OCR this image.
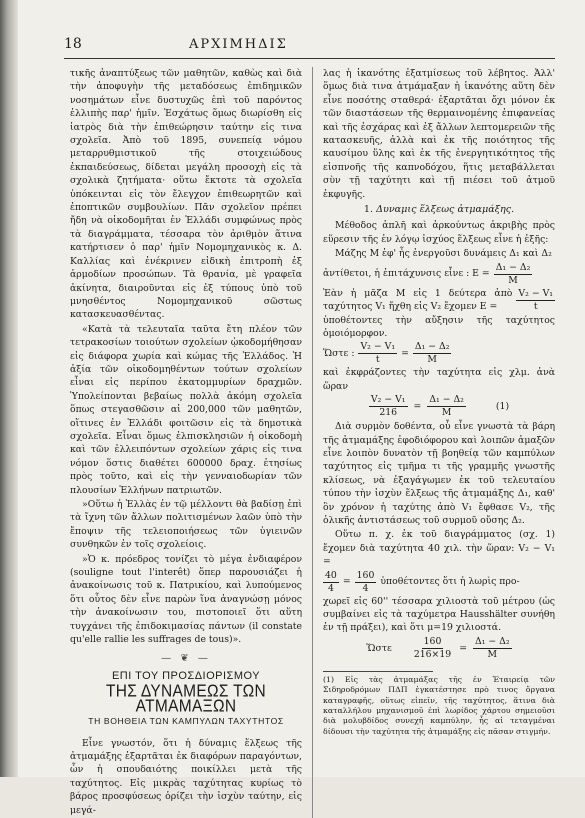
18	ΑΡΧΙΜΗΔΙΣ

τικῆς ἀναπτύξεως τῶν μαθητῶν, καθὼς καὶ διὰ τὴν ἀποφυγὴν τῆς μεταδόσεως ἐπιδημικῶν νοσημάτων εἶνε δυστυχῶς ἐπὶ τοῦ παρόντος ἐλλιπὴς παρ' ἡμῖν. Ἐσχάτως ὅμως διωρίσθη εἰς ἰατρὸς διὰ τὴν ἐπιθεώρησιν ταύτην εἰς τινα σχολεῖα. Ἀπὸ τοῦ 1895, συνεπείᾳ νόμου μεταρρυθμιστικοῦ τῆς στοιχειώδους ἐκπαιδεύσεως, δίδεται μεγάλη προσοχὴ εἰς τὰ σχολικὰ ζητήματα· οὕτω ἔκτοτε τὰ σχολεῖα ὑπόκεινται εἰς τὸν ἔλεγχον ἐπιθεωρητῶν καὶ ἐποπτικῶν συμβουλίων. Πᾶν σχολεῖον πρέπει ἤδη νὰ οἰκοδομῆται ἐν Ἑλλάδι συμφώνως πρὸς τὰ διαγράμματα, τέσσαρα τὸν ἀριθμὸν ἅτινα κατήρτισεν ὁ παρ' ἡμῖν Νομομηχανικὸς κ. Δ. Καλλίας καὶ ἐνέκρινεν εἰδικὴ ἐπιτροπὴ ἐξ ἁρμοδίων προσώπων. Τὰ θρανία, μὲ γραφεῖα ἀκίνητα, διαιροῦνται εἰς ἐξ τύπους ὑπὸ τοῦ μνησθέντος Νομομηχανικοῦ σῶστως κατασκευασθέντας.

«Κατὰ τὰ τελευταῖα ταῦτα ἔτη πλέον τῶν τετρακοσίων τοιούτων σχολείων ᾠκοδομήθησαν εἰς διάφορα χωρία καὶ κώμας τῆς Ἑλλάδος. Ἡ ἀξία τῶν οἰκοδομηθέντων τούτων σχολείων εἶναι εἰς περίπου ἑκατομμυρίων δραχμῶν. Ὑπολείπονται βεβαίως πολλὰ ἀκόμη σχολεῖα ὅπως στεγασθῶσιν αἱ 200,000 τῶν μαθητῶν, οἵτινες ἐν Ἑλλάδι φοιτῶσιν εἰς τὰ δημοτικὰ σχολεῖα. Εἶναι ὅμως ἐλπισκλησιῶν ἡ οἰκοδομὴ καὶ τῶν ἐλλειπόντων σχολείων χάρις εἰς τινα νόμον ὅστις διαθέτει 600000 δραχ. ἐτησίως πρὸς τοῦτο, καὶ εἰς τὴν γενναιοδωρίαν τῶν πλουσίων Ἑλλήνων πατριωτῶν.

»Οὕτω ἡ Ἑλλὰς ἐν τῷ μέλλοντι θὰ βαδίσῃ ἐπὶ τὰ ἴχνη τῶν ἄλλων πολιτισμένων λαῶν ὑπὸ τὴν ἔποψιν τῆς τελειοποιήσεως τῶν ὑγιεινῶν συνθηκῶν ἐν τοῖς σχολείοις.

»Ὁ κ. πρόεδρος τονίζει τὸ μέγα ἐνδιαφέρον (souligne tout l'interêt) ὅπερ παρουσιάζει ἡ ἀνακοίνωσις τοῦ κ. Πατρικίου, καὶ λυπούμενος ὅτι οὗτος δὲν εἶνε παρὼν ἵνα ἀναγνώσῃ μόνος τὴν ἀνακοίνωσιν του, πιστοποιεῖ ὅτι αὕτη τυγχάνει τῆς ἐπιδοκιμασίας πάντων (il constate qu'elle rallie les suffrages de tous)».

— ❦ —
ΕΠΙ ΤΟΥ ΠΡΟΣΔΙΟΡΙΣΜΟΥ
ΤΗΣ ΔΥΝΑΜΕΩΣ ΤΩΝ ΑΤΜΑΜΑΞΩΝ
ΤΗ ΒΟΗΘΕΙΑ ΤΩΝ ΚΑΜΠΥΛΩΝ ΤΑΧΥΤΗΤΟΣ

Εἶνε γνωστόν, ὅτι ἡ δύναμις ἕλξεως τῆς ἀτμαμάξης ἐξαρτᾶται ἐκ διαφόρων παραγόντων, ὧν ἡ σπουδαιότης ποικίλλει μετὰ τῆς ταχύτητος. Εἰς μικρὰς ταχύτητας κυρίως τὸ βάρος προσφύσεως ὁρίζει τὴν ἰσχὺν ταύτην, εἰς μεγά-

λας ἡ ἱκανότης ἐξατμίσεως τοῦ λέβητος. Ἀλλ' ὅμως διὰ τινα ἀτμάμαξαν ἡ ἱκανότης αὕτη δὲν εἶνε ποσότης σταθερά· ἐξαρτᾶται ὄχι μόνον ἐκ τῶν διαστάσεων τῆς θερμαινομένης ἐπιφανείας καὶ τῆς ἐσχάρας καὶ ἐξ ἄλλων λεπτομερειῶν τῆς κατασκευῆς, ἀλλὰ καὶ ἐκ τῆς ποιότητος τῆς καυσίμου ὕλης καὶ ἐκ τῆς ἐνεργητικότητος τῆς εἰσπνοῆς τῆς καπνοδόχου, ἥτις μεταβάλλεται σὺν τῇ ταχύτητι καὶ τῇ πιέσει τοῦ ἀτμοῦ ἐκφυγῆς.

1. Δυναμις ἕλξεως ἀτμαμάξης.

Μέθοδος ἁπλῆ καὶ ἀρκούντως ἀκριβὴς πρὸς εὕρεσιν τῆς ἐν λόγῳ ἰσχύος ἕλξεως εἶνε ἡ ἑξῆς:

Μάζης Μ ἐφ' ἧς ἐνεργοῦσι δυνάμεις Δ₁ καὶ Δ₂

ἀντίθετοι, ἡ ἐπιτάχυνσις εἶνε : $E = \frac{\text{Δ₁ − Δ₂}}{M}$
Ἐὰν ἡ μᾶζα Μ εἰς 1 δεύτερα ἀπὸ ταχύτητος V₁ ἤχθη εἰς V₂ ἔχομεν E =	$\frac{\text{V₂ − V₁}}{t}$

ὑποθέτοντες τὴν αὔξησιν τῆς ταχύτητος ὁμοιόμορφον.

Ὥστε : $\frac{\text{V₂ − V₁}}{t} = \frac{\text{Δ₁ − Δ₂}}{M}$

καὶ ἐκφράζοντες τὴν ταχύτητα εἰς χλμ. ἀνὰ ὥραν

$\frac{\text{V₂ − V₁}}{216} = \frac{\text{Δ₁ − Δ₂}}{M}$	(1)

Διὰ συρμὸν δοθέντα, οὗ εἶνε γνωστὰ τὰ βάρη τῆς ἀτμαμάξης ἐφοδιόφορου καὶ λοιπῶν ἁμαξῶν εἶνε λοιπὸν δυνατὸν τῇ βοηθείᾳ τῶν καμπύλων ταχύτητος εἰς τμῆμα τι τῆς γραμμῆς γνωστῆς κλίσεως, νὰ ἐξαγάγωμεν ἐκ τοῦ τελευταίου τύπου τὴν ἰσχὺν ἕλξεως τῆς ἀτμαμάξης Δ₁, καθ' ὃν χρόνον ἡ ταχύτης ἀπὸ V₁ ἔφθασε V₂, τῆς ὁλικῆς ἀντιστάσεως τοῦ συρμοῦ οὔσης Δ₂.

Οὕτω π. χ. ἐκ τοῦ διαγράμματος (σχ. 1) ἔχομεν διὰ ταχύτητα 40 χιλ. τὴν ὥραν: V₂ − V₁ =

$\frac{40}{4} = \frac{160}{4}$ ὑποθέτοντες ὅτι ἡ λωρὶς προ-

χωρεῖ εἰς 60'' τέσσαρα χιλιοστὰ τοῦ μέτρου (ὡς συμβαίνει εἰς τὰ ταχύμετρα Hausshälter συνήθη ἐν τῇ πράξει), καὶ ὅτι μ=19 χιλιοστά.

Ὥστε $\frac{160}{216\times 19} = \frac{\text{Δ₁ − Δ₂}}{M}$
(1) Εἰς τὰς ἀτμαμάξας τῆς ἐν Ἑταιρείᾳ τῶν Σιδηροδρόμων ΠΔΠ ἐγκατέστησε πρὸ τινος ὄργανα καταγραφῆς, οὕτως εἰπεῖν, τῆς ταχύτητος, ἅτινα διὰ καταλλήλου μηχανισμοῦ ἐπὶ λωρίδος χάρτου σημειοῦσι διὰ μολυβδίδος συνεχῆ καμπύλην, ἧς αἱ τεταγμέναι δίδουσι τὴν ταχύτητα τῆς ἀτμαμάξης εἰς πᾶσαν στιγμήν.
